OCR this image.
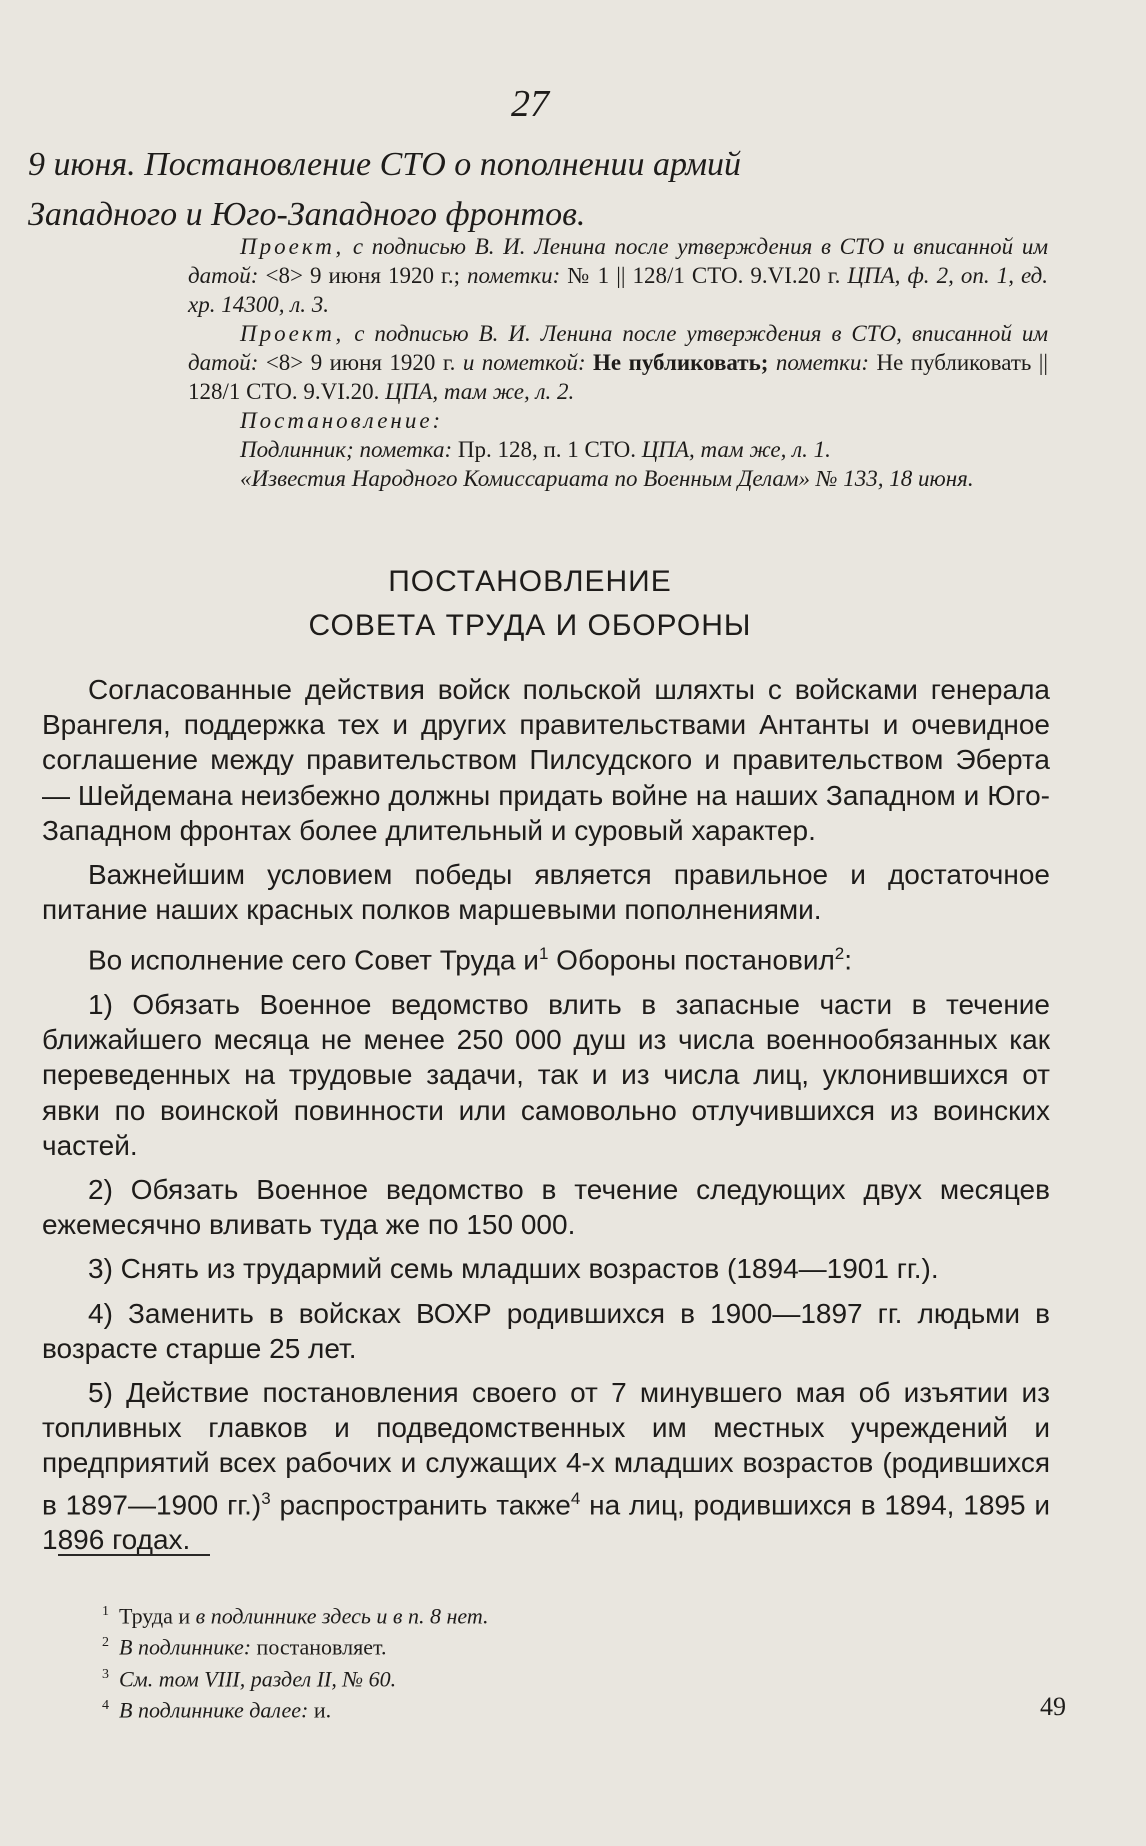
27
9 июня. Постановление СТО о пополнении армий
Западного и Юго-Западного фронтов.

Проект, с подписью В. И. Ленина после утверждения в СТО и вписанной им датой: <8> 9 июня 1920 г.; пометки: № 1 || 128/1 СТО. 9.VI.20 г. ЦПА, ф. 2, оп. 1, ед. хр. 14300, л. 3.

Проект, с подписью В. И. Ленина после утверждения в СТО, вписанной им датой: <8> 9 июня 1920 г. и пометкой: Не публиковать; пометки: Не публиковать || 128/1 СТО. 9.VI.20. ЦПА, там же, л. 2.

Постановление:

Подлинник; пометка: Пр. 128, п. 1 СТО. ЦПА, там же, л. 1.

«Известия Народного Комиссариата по Военным Делам» № 133, 18 июня.

ПОСТАНОВЛЕНИЕ
СОВЕТА ТРУДА И ОБОРОНЫ

Согласованные действия войск польской шляхты с войсками генерала Врангеля, поддержка тех и других правительствами Антанты и очевидное соглашение между правительством Пилсудского и правительством Эберта — Шейдемана неизбежно должны придать войне на наших Западном и Юго-Западном фронтах более длительный и суровый характер.

Важнейшим условием победы является правильное и достаточное питание наших красных полков маршевыми пополнениями.

Во исполнение сего Совет Труда $и^1$ Обороны постановил$^2$:

1) Обязать Военное ведомство влить в запасные части в течение ближайшего месяца не менее 250 000 душ из числа военнообязанных как переведенных на трудовые задачи, так и из числа лиц, уклонившихся от явки по воинской повинности или самовольно отлучившихся из воинских частей.

2) Обязать Военное ведомство в течение следующих двух месяцев ежемесячно вливать туда же по 150 000.

3) Снять из трудармий семь младших возрастов (1894—1901 гг.).

4) Заменить в войсках ВОХР родившихся в 1900—1897 гг. людьми в возрасте старше 25 лет.

5) Действие постановления своего от 7 минувшего мая об изъятии из топливных главков и подведомственных им местных учреждений и предприятий всех рабочих и служащих 4-х младших возрастов (родившихся в 1897—1900 гг.)$^3$ распространить также$^4$ на лиц, родившихся в 1894, 1895 и 1896 годах.

$^1$ Труда и в подлиннике здесь и в п. 8 нет.
$^2$ В подлиннике: постановляет.
$^3$ См. том VIII, раздел II, № 60.
$^4$ В подлиннике далее: и.	49
